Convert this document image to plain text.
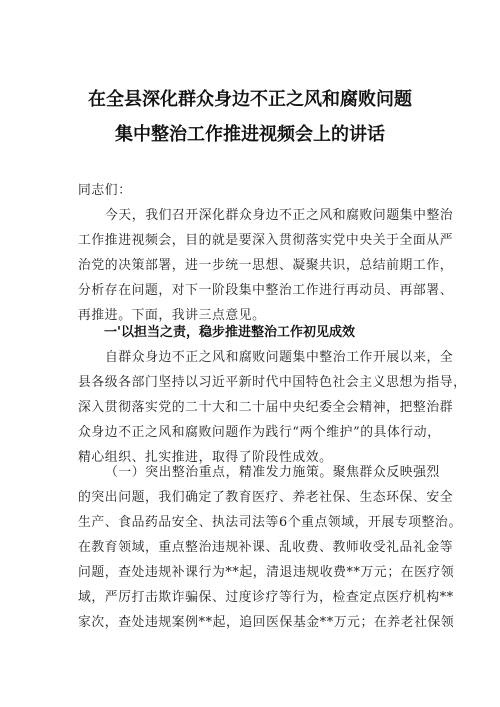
在全县深化群众身边不正之风和腐败问题
集中整治工作推进视频会上的讲话
同志们：
今天，我们召开深化群众身边不正之风和腐败问题集中整治
工作推进视频会，目的就是要深入贯彻落实党中央关于全面从严
治党的决策部署，进一步统一思想、凝聚共识，总结前期工作，
分析存在问题，对下一阶段集中整治工作进行再动员、再部署、
再推进。下面，我讲三点意见。
一'以担当之责，稳步推进整治工作初见成效
自群众身边不正之风和腐败问题集中整治工作开展以来，全
县各级各部门坚持以习近平新时代中国特色社会主义思想为指导，
深入贯彻落实党的二十大和二十届中央纪委全会精神，把整治群
众身边不正之风和腐败问题作为践行“两个维护”的具体行动，
精心组织、扎实推进，取得了阶段性成效。
（一）突出整治重点，精准发力施策。聚焦群众反映强烈
的突出问题，我们确定了教育医疗、养老社保、生态环保、安全
生产、食品药品安全、执法司法等6个重点领域，开展专项整治。
在教育领域，重点整治违规补课、乱收费、教师收受礼品礼金等
问题，查处违规补课行为**起，清退违规收费**万元；在医疗领
域，严厉打击欺诈骗保、过度诊疗等行为，检查定点医疗机构**
家次，查处违规案例**起，追回医保基金**万元；在养老社保领
